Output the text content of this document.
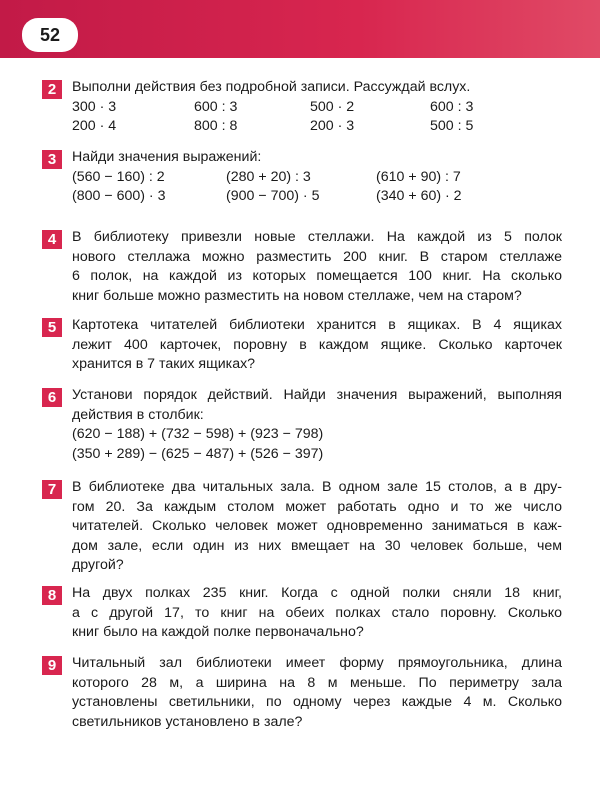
52
2	Выполни действия без подробной записи. Рассуждай вслух.
300 · 3	600 : 3	500 · 2	600 : 3
200 · 4	800 : 8	200 · 3	500 : 5
3	Найди значения выражений:
(560 − 160) : 2	(280 + 20) : 3	(610 + 90) : 7
(800 − 600) · 3	(900 − 700) · 5	(340 + 60) · 2
4	В библиотеку привезли новые стеллажи. На каждой из 5 полок
нового стеллажа можно разместить 200 книг. В старом стеллаже
6 полок, на каждой из которых помещается 100 книг. На сколько
книг больше можно разместить на новом стеллаже, чем на старом?
5	Картотека читателей библиотеки хранится в ящиках. В 4 ящиках
лежит 400 карточек, поровну в каждом ящике. Сколько карточек
хранится в 7 таких ящиках?
6	Установи порядок действий. Найди значения выражений, выполняя
действия в столбик:
(620 − 188) + (732 − 598) + (923 − 798)
(350 + 289) − (625 − 487) + (526 − 397)
7	В библиотеке два читальных зала. В одном зале 15 столов, а в дру-
гом 20. За каждым столом может работать одно и то же число
читателей. Сколько человек может одновременно заниматься в каж-
дом зале, если один из них вмещает на 30 человек больше, чем
другой?
8	На двух полках 235 книг. Когда с одной полки сняли 18 книг,
а с другой 17, то книг на обеих полках стало поровну. Сколько
книг было на каждой полке первоначально?
9	Читальный зал библиотеки имеет форму прямоугольника, длина
которого 28 м, а ширина на 8 м меньше. По периметру зала
установлены светильники, по одному через каждые 4 м. Сколько
светильников установлено в зале?
